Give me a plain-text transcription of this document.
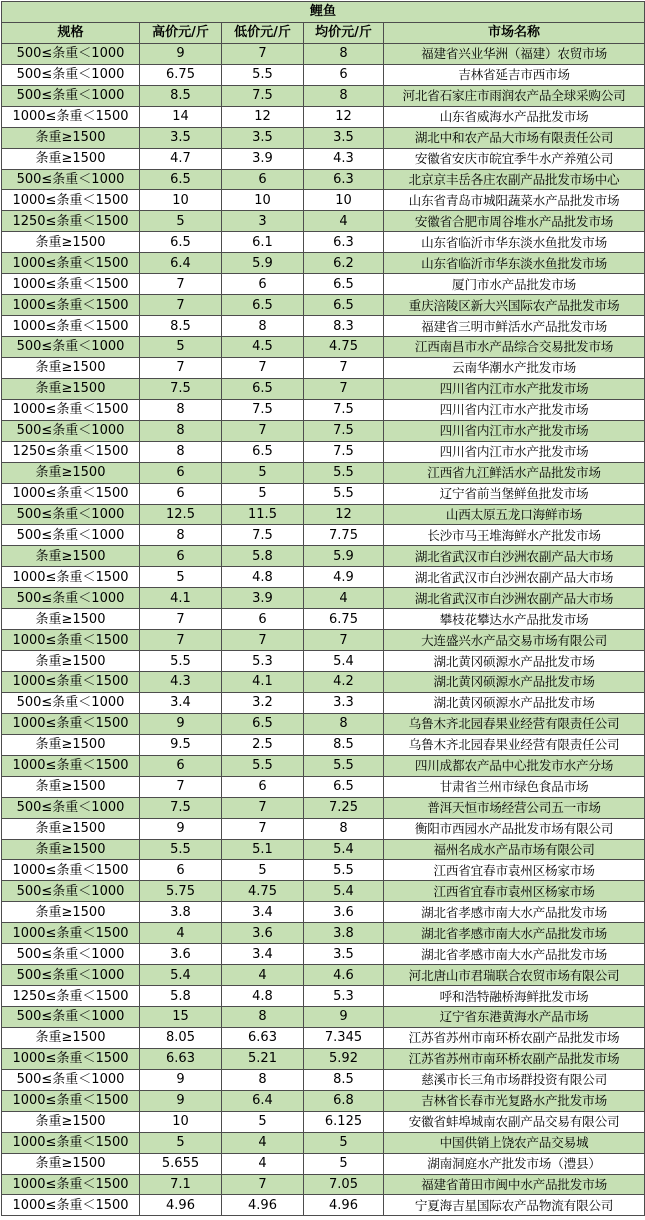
鲤鱼				
规格	高价元/斤	低价元/斤	均价元/斤	市场名称
500≤条重＜1000	9	7	8	福建省兴业华洲（福建）农贸市场
500≤条重＜1000	6.75	5.5	6	吉林省延吉市西市场
500≤条重＜1000	8.5	7.5	8	河北省石家庄市雨润农产品全球采购公司
1000≤条重＜1500	14	12	12	山东省威海水产品批发市场
条重≥1500	3.5	3.5	3.5	湖北中和农产品大市场有限责任公司
条重≥1500	4.7	3.9	4.3	安徽省安庆市皖宜季牛水产养殖公司
500≤条重＜1000	6.5	6	6.3	北京京丰岳各庄农副产品批发市场中心
1000≤条重＜1500	10	10	10	山东省青岛市城阳蔬菜水产品批发市场
1250≤条重＜1500	5	3	4	安徽省合肥市周谷堆水产品批发市场
条重≥1500	6.5	6.1	6.3	山东省临沂市华东淡水鱼批发市场
1000≤条重＜1500	6.4	5.9	6.2	山东省临沂市华东淡水鱼批发市场
1000≤条重＜1500	7	6	6.5	厦门市水产品批发市场
1000≤条重＜1500	7	6.5	6.5	重庆涪陵区新大兴国际农产品批发市场
1000≤条重＜1500	8.5	8	8.3	福建省三明市鲜活水产品批发市场
500≤条重＜1000	5	4.5	4.75	江西南昌市水产品综合交易批发市场
条重≥1500	7	7	7	云南华潮水产批发市场
条重≥1500	7.5	6.5	7	四川省内江市水产批发市场
1000≤条重＜1500	8	7.5	7.5	四川省内江市水产批发市场
500≤条重＜1000	8	7	7.5	四川省内江市水产批发市场
1250≤条重＜1500	8	6.5	7.5	四川省内江市水产批发市场
条重≥1500	6	5	5.5	江西省九江鲜活水产品批发市场
1000≤条重＜1500	6	5	5.5	辽宁省前当堡鲜鱼批发市场
500≤条重＜1000	12.5	11.5	12	山西太原五龙口海鲜市场
500≤条重＜1000	8	7.5	7.75	长沙市马王堆海鲜水产批发市场
条重≥1500	6	5.8	5.9	湖北省武汉市白沙洲农副产品大市场
1000≤条重＜1500	5	4.8	4.9	湖北省武汉市白沙洲农副产品大市场
500≤条重＜1000	4.1	3.9	4	湖北省武汉市白沙洲农副产品大市场
条重≥1500	7	6	6.75	攀枝花攀达水产品批发市场
1000≤条重＜1500	7	7	7	大连盛兴水产品交易市场有限公司
条重≥1500	5.5	5.3	5.4	湖北黄冈硕源水产品批发市场
1000≤条重＜1500	4.3	4.1	4.2	湖北黄冈硕源水产品批发市场
500≤条重＜1000	3.4	3.2	3.3	湖北黄冈硕源水产品批发市场
1000≤条重＜1500	9	6.5	8	乌鲁木齐北园春果业经营有限责任公司
条重≥1500	9.5	2.5	8.5	乌鲁木齐北园春果业经营有限责任公司
1000≤条重＜1500	6	5.5	5.5	四川成都农产品中心批发市水产分场
条重≥1500	7	6	6.5	甘肃省兰州市绿色食品市场
500≤条重＜1000	7.5	7	7.25	普洱天恒市场经营公司五一市场
条重≥1500	9	7	8	衡阳市西园水产品批发市场有限公司
条重≥1500	5.5	5.1	5.4	福州名成水产品市场有限公司
1000≤条重＜1500	6	5	5.5	江西省宜春市袁州区杨家市场
500≤条重＜1000	5.75	4.75	5.4	江西省宜春市袁州区杨家市场
条重≥1500	3.8	3.4	3.6	湖北省孝感市南大水产品批发市场
1000≤条重＜1500	4	3.6	3.8	湖北省孝感市南大水产品批发市场
500≤条重＜1000	3.6	3.4	3.5	湖北省孝感市南大水产品批发市场
500≤条重＜1000	5.4	4	4.6	河北唐山市君瑞联合农贸市场有限公司
1250≤条重＜1500	5.8	4.8	5.3	呼和浩特融桥海鲜批发市场
500≤条重＜1000	15	8	9	辽宁省东港黄海水产品市场
条重≥1500	8.05	6.63	7.345	江苏省苏州市南环桥农副产品批发市场
1000≤条重＜1500	6.63	5.21	5.92	江苏省苏州市南环桥农副产品批发市场
500≤条重＜1000	9	8	8.5	慈溪市长三角市场群投资有限公司
1000≤条重＜1500	9	6.4	6.8	吉林省长春市光复路水产批发市场
条重≥1500	10	5	6.125	安徽省蚌埠城南农副产品交易有限公司
1000≤条重＜1500	5	4	5	中国供销上饶农产品交易城
条重≥1500	5.655	4	5	湖南洞庭水产批发市场（澧县）
1000≤条重＜1500	7.1	7	7.05	福建省莆田市闽中水产品批发市场
1000≤条重＜1500	4.96	4.96	4.96	宁夏海吉星国际农产品物流有限公司
